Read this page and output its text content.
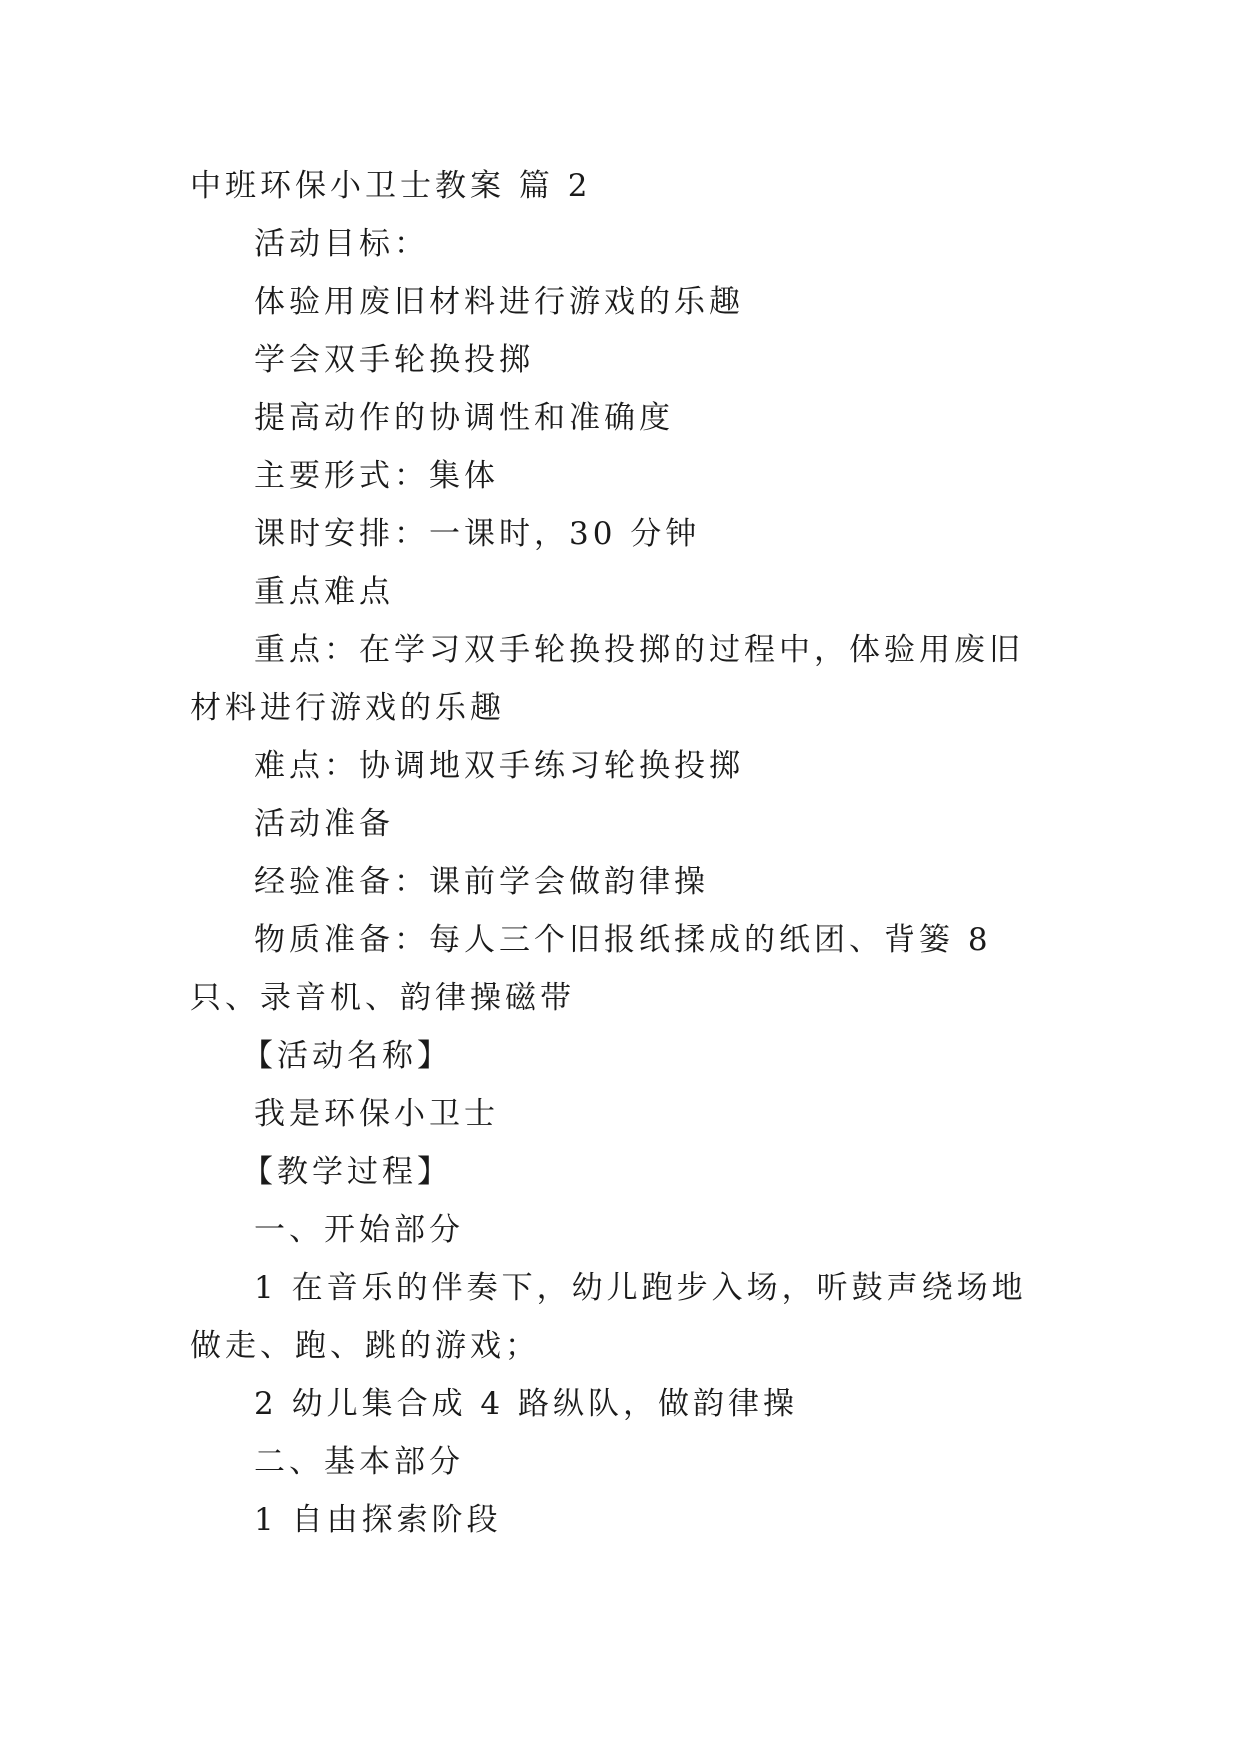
中班环保小卫士教案 篇 2

活动目标：

体验用废旧材料进行游戏的乐趣

学会双手轮换投掷

提高动作的协调性和准确度

主要形式：集体

课时安排：一课时，30 分钟

重点难点

重点：在学习双手轮换投掷的过程中，体验用废旧材料进行游戏的乐趣

难点：协调地双手练习轮换投掷

活动准备

经验准备：课前学会做韵律操

物质准备：每人三个旧报纸揉成的纸团、背篓 8 只、录音机、韵律操磁带

【活动名称】

我是环保小卫士

【教学过程】

一、开始部分

1 在音乐的伴奏下，幼儿跑步入场，听鼓声绕场地做走、跑、跳的游戏；

2 幼儿集合成 4 路纵队，做韵律操

二、基本部分

1 自由探索阶段
